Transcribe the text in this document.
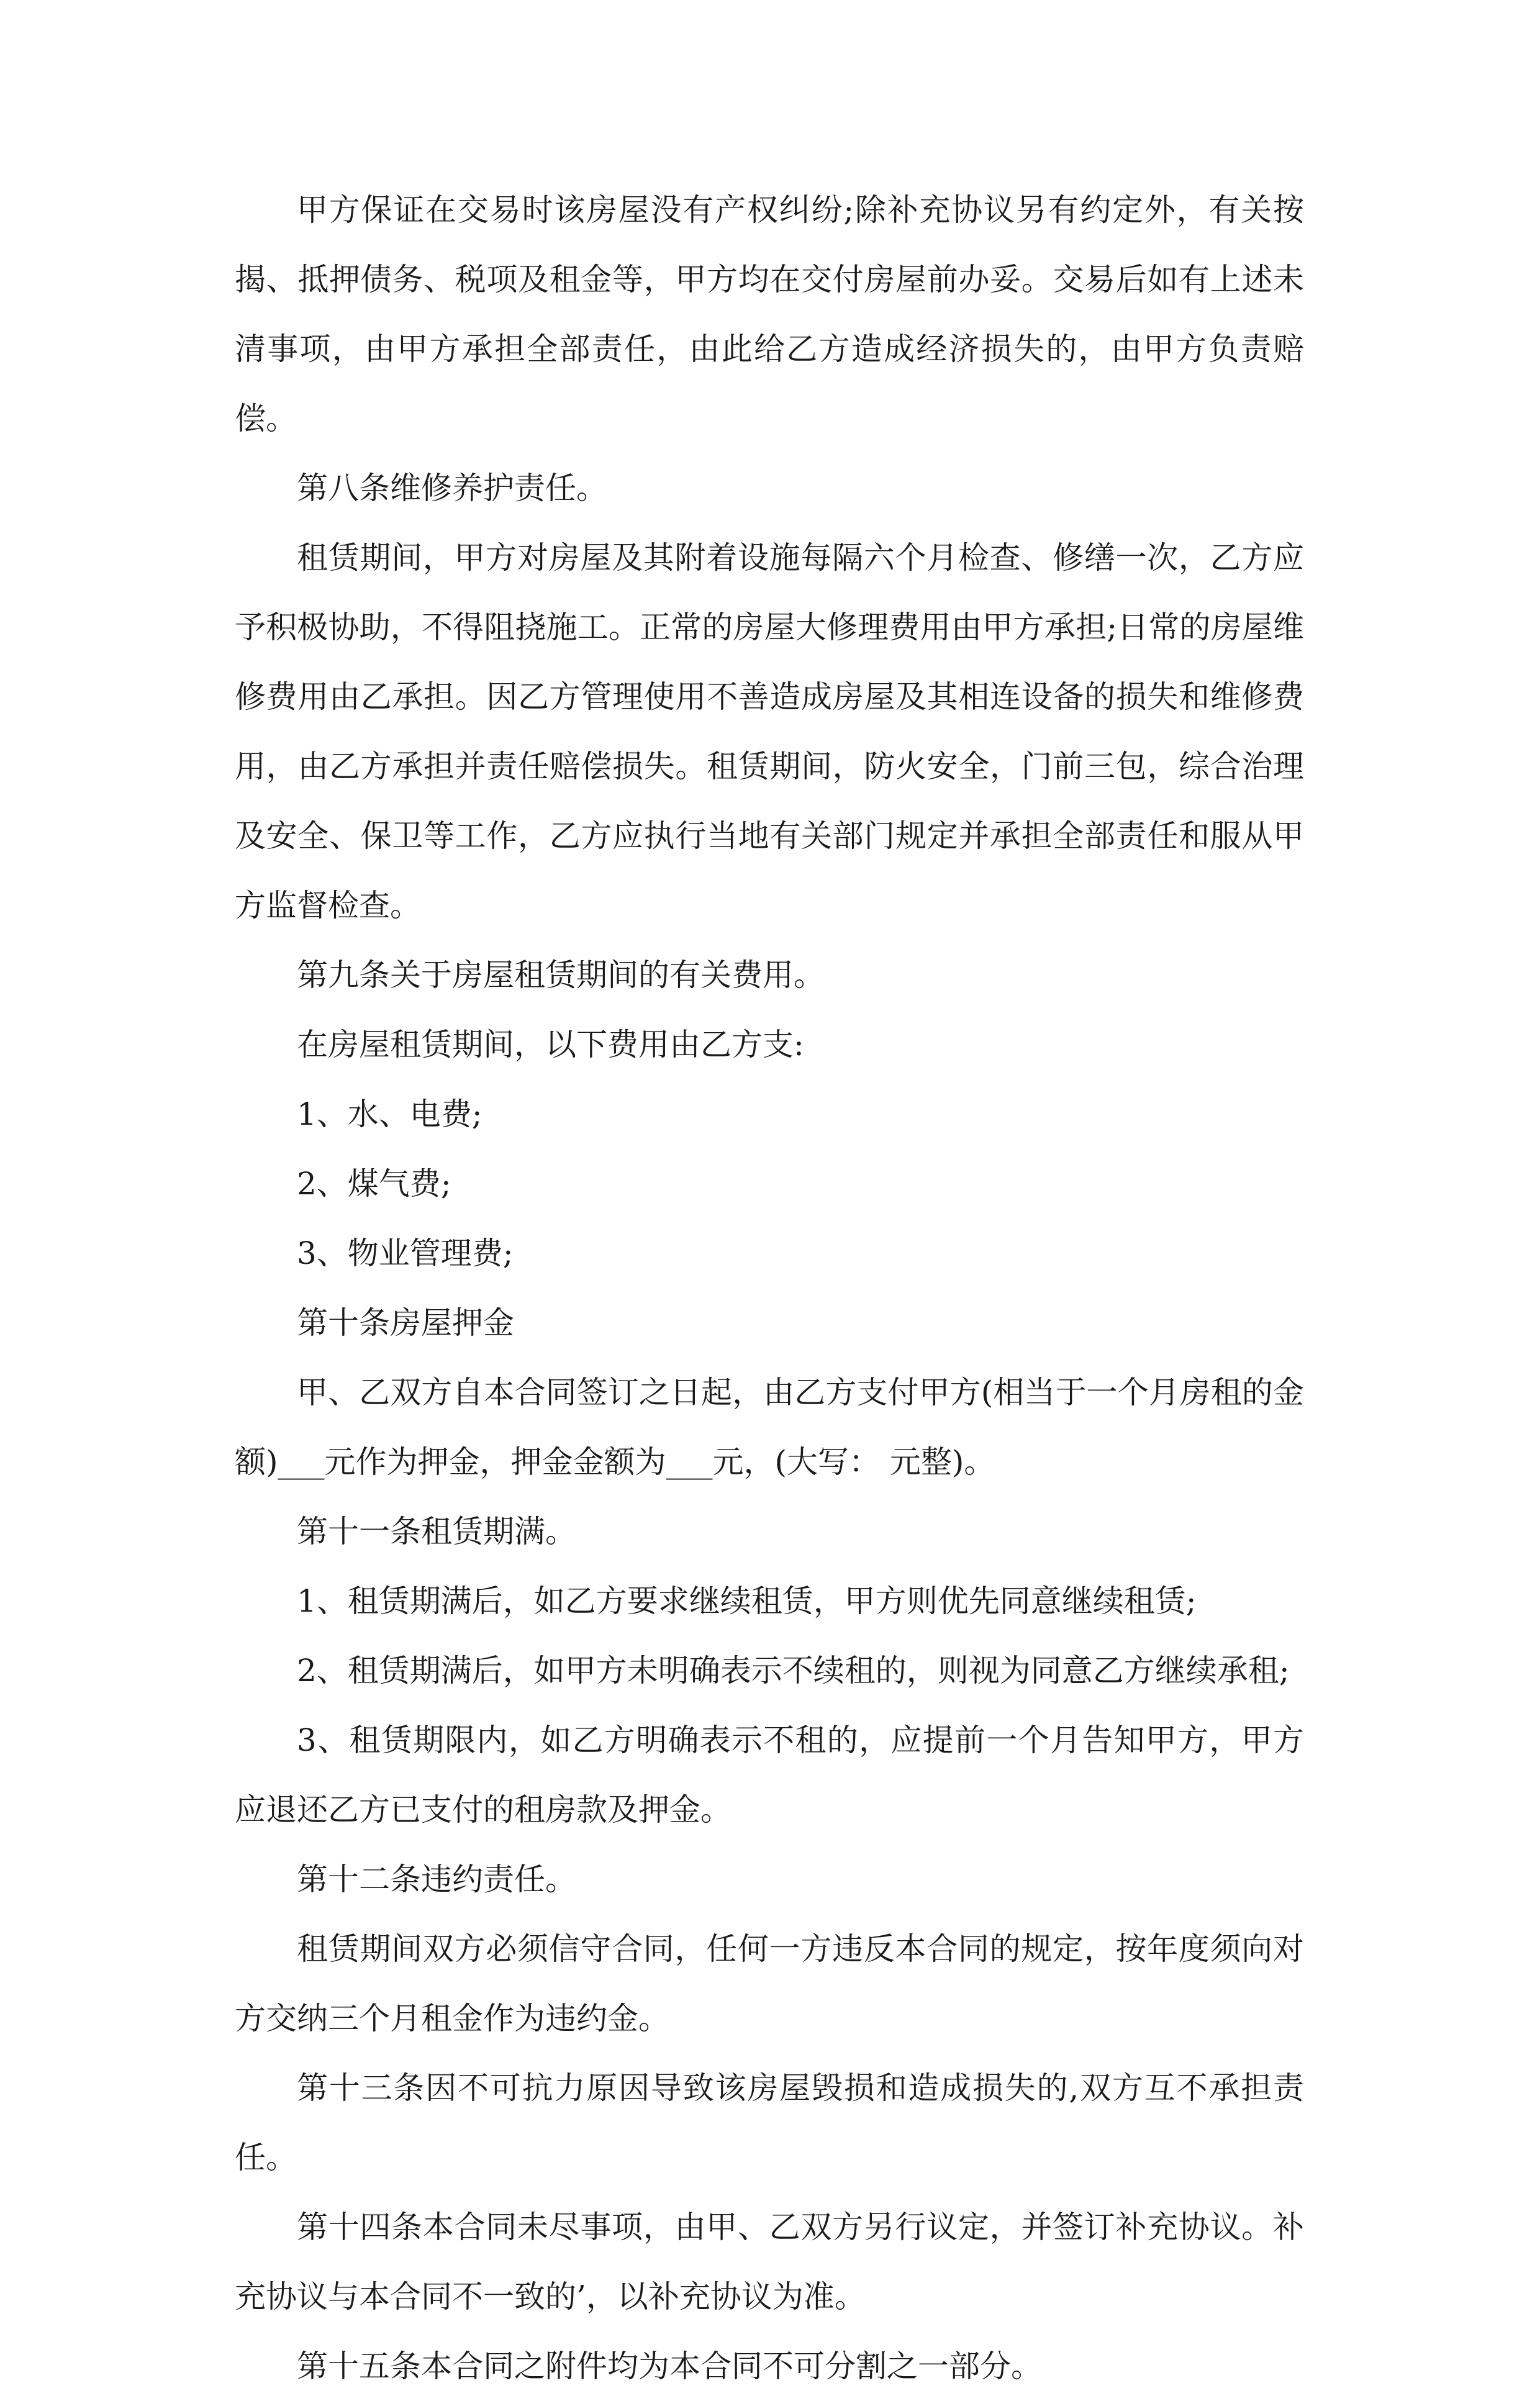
甲方保证在交易时该房屋没有产权纠纷;除补充协议另有约定外，有关按揭、抵押债务、税项及租金等，甲方均在交付房屋前办妥。交易后如有上述未清事项，由甲方承担全部责任，由此给乙方造成经济损失的，由甲方负责赔偿。

第八条维修养护责任。

租赁期间，甲方对房屋及其附着设施每隔六个月检查、修缮一次，乙方应予积极协助，不得阻挠施工。正常的房屋大修理费用由甲方承担;日常的房屋维修费用由乙承担。因乙方管理使用不善造成房屋及其相连设备的损失和维修费用，由乙方承担并责任赔偿损失。租赁期间，防火安全，门前三包，综合治理及安全、保卫等工作，乙方应执行当地有关部门规定并承担全部责任和服从甲方监督检查。

第九条关于房屋租赁期间的有关费用。

在房屋租赁期间，以下费用由乙方支:

1、水、电费;

2、煤气费;

3、物业管理费;

第十条房屋押金

甲、乙双方自本合同签订之日起，由乙方支付甲方(相当于一个月房租的金额)___元作为押金，押金金额为___元，(大写： 元整)。

第十一条租赁期满。

1、租赁期满后，如乙方要求继续租赁，甲方则优先同意继续租赁;

2、租赁期满后，如甲方未明确表示不续租的，则视为同意乙方继续承租;

3、租赁期限内，如乙方明确表示不租的，应提前一个月告知甲方，甲方应退还乙方已支付的租房款及押金。

第十二条违约责任。

租赁期间双方必须信守合同，任何一方违反本合同的规定，按年度须向对方交纳三个月租金作为违约金。

第十三条因不可抗力原因导致该房屋毁损和造成损失的,双方互不承担责任。

第十四条本合同未尽事项，由甲、乙双方另行议定，并签订补充协议。补充协议与本合同不一致的’，以补充协议为准。

第十五条本合同之附件均为本合同不可分割之一部分。
